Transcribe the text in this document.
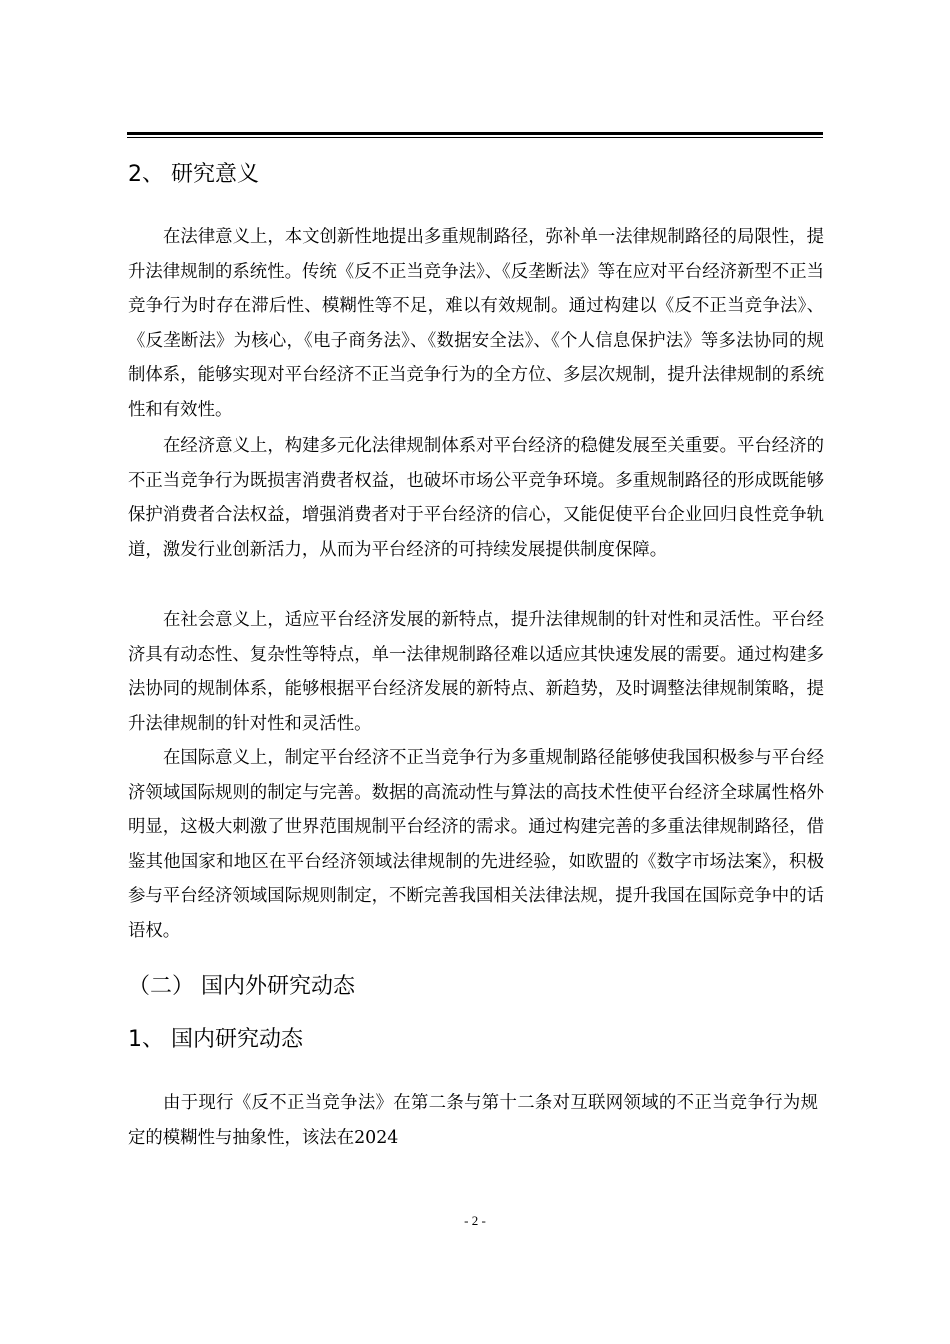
2、 研究意义

在法律意义上，本文创新性地提出多重规制路径，弥补单一法律规制路径的局限性，提升法律规制的系统性。传统《反不正当竞争法》、《反垄断法》等在应对平台经济新型不正当竞争行为时存在滞后性、模糊性等不足，难以有效规制。通过构建以《反不正当竞争法》、《反垄断法》为核心，《电子商务法》、《数据安全法》、《个人信息保护法》等多法协同的规制体系，能够实现对平台经济不正当竞争行为的全方位、多层次规制，提升法律规制的系统性和有效性。

在经济意义上，构建多元化法律规制体系对平台经济的稳健发展至关重要。平台经济的不正当竞争行为既损害消费者权益，也破坏市场公平竞争环境。多重规制路径的形成既能够保护消费者合法权益，增强消费者对于平台经济的信心，又能促使平台企业回归良性竞争轨道，激发行业创新活力，从而为平台经济的可持续发展提供制度保障。

在社会意义上，适应平台经济发展的新特点，提升法律规制的针对性和灵活性。平台经济具有动态性、复杂性等特点，单一法律规制路径难以适应其快速发展的需要。通过构建多法协同的规制体系，能够根据平台经济发展的新特点、新趋势，及时调整法律规制策略，提升法律规制的针对性和灵活性。

在国际意义上，制定平台经济不正当竞争行为多重规制路径能够使我国积极参与平台经济领域国际规则的制定与完善。数据的高流动性与算法的高技术性使平台经济全球属性格外明显，这极大刺激了世界范围规制平台经济的需求。通过构建完善的多重法律规制路径，借鉴其他国家和地区在平台经济领域法律规制的先进经验，如欧盟的《数字市场法案》，积极参与平台经济领域国际规则制定，不断完善我国相关法律法规，提升我国在国际竞争中的话语权。

（二） 国内外研究动态
1、 国内研究动态

由于现行《反不正当竞争法》在第二条与第十二条对互联网领域的不正当竞争行为规定的模糊性与抽象性，该法在2024

- 2 -
